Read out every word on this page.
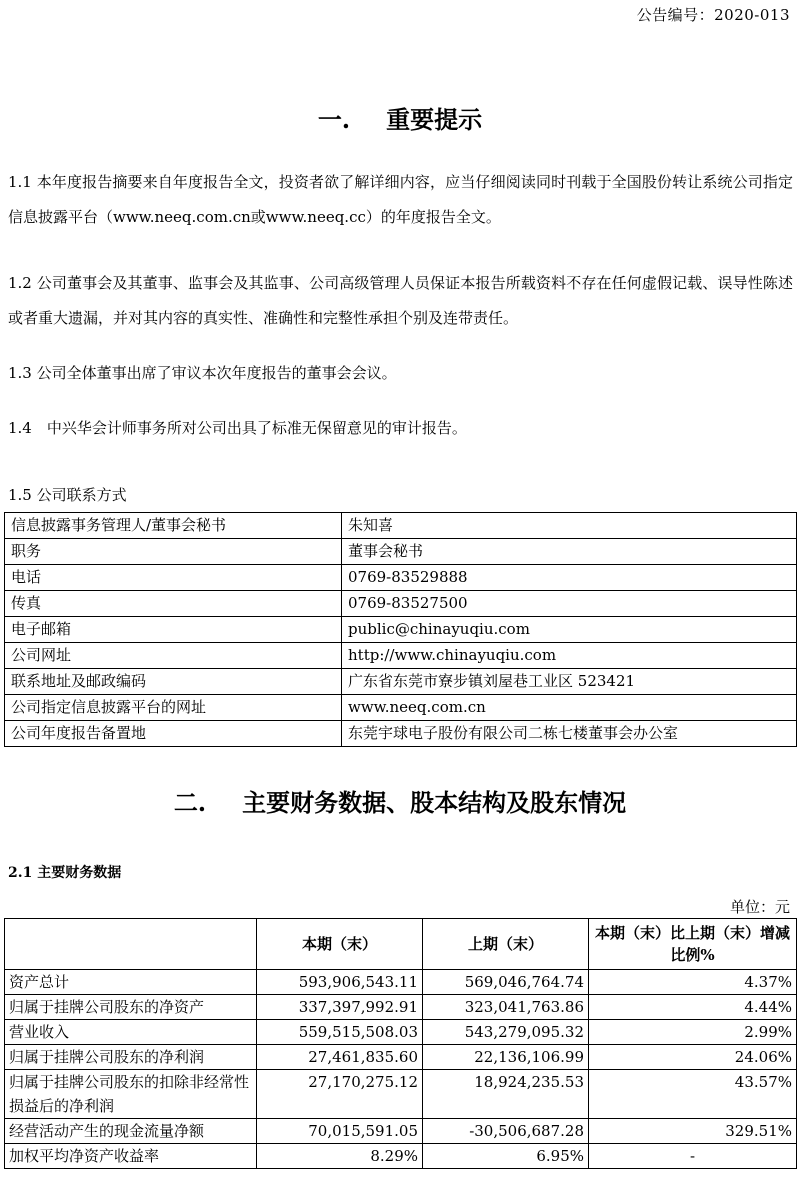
公告编号：2020-013
一. 重要提示
1.1 本年度报告摘要来自年度报告全文，投资者欲了解详细内容，应当仔细阅读同时刊载于全国股份转让系统公司指定信息披露平台（www.neeq.com.cn或www.neeq.cc）的年度报告全文。
1.2 公司董事会及其董事、监事会及其监事、公司高级管理人员保证本报告所载资料不存在任何虚假记载、误导性陈述或者重大遗漏，并对其内容的真实性、准确性和完整性承担个别及连带责任。
1.3 公司全体董事出席了审议本次年度报告的董事会会议。
1.4　中兴华会计师事务所对公司出具了标准无保留意见的审计报告。
1.5 公司联系方式
信息披露事务管理人/董事会秘书	朱知喜
职务	董事会秘书
电话	0769-83529888
传真	0769-83527500
电子邮箱	public@chinayuqiu.com
公司网址	http://www.chinayuqiu.com
联系地址及邮政编码	广东省东莞市寮步镇刘屋巷工业区 523421
公司指定信息披露平台的网址	www.neeq.com.cn
公司年度报告备置地	东莞宇球电子股份有限公司二栋七楼董事会办公室
二. 主要财务数据、股本结构及股东情况
2.1 主要财务数据
单位：元
	本期（末）	上期（末）	本期（末）比上期（末）增减比例%
资产总计	593,906,543.11	569,046,764.74	4.37%
归属于挂牌公司股东的净资产	337,397,992.91	323,041,763.86	4.44%
营业收入	559,515,508.03	543,279,095.32	2.99%
归属于挂牌公司股东的净利润	27,461,835.60	22,136,106.99	24.06%
归属于挂牌公司股东的扣除非经常性损益后的净利润	27,170,275.12	18,924,235.53	43.57%
经营活动产生的现金流量净额	70,015,591.05	-30,506,687.28	329.51%
加权平均净资产收益率	8.29%	6.95%	-
